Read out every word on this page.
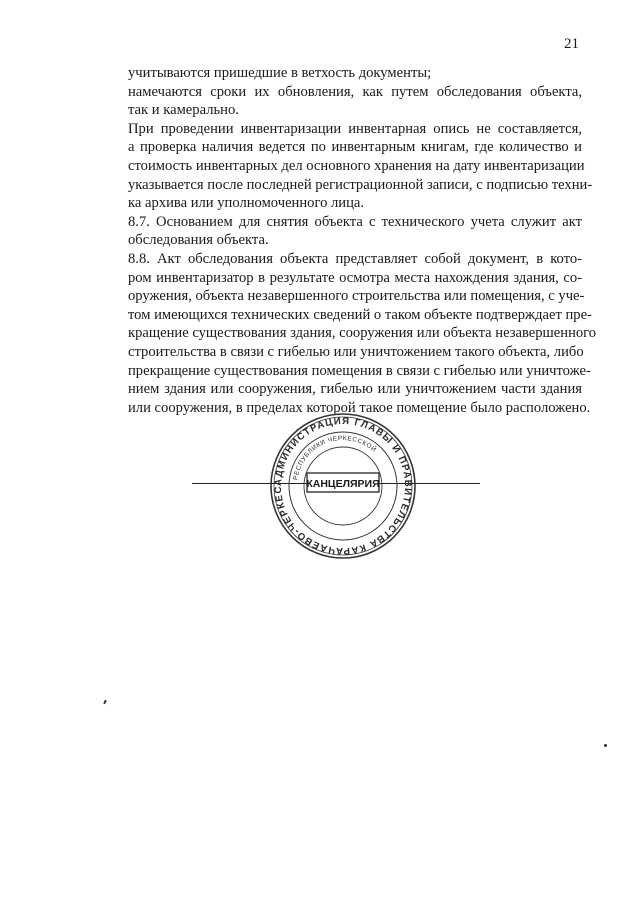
21

учитываются пришедшие в ветхость документы;

намечаются сроки их обновления, как путем обследования объекта,
так и камерально.

При проведении инвентаризации инвентарная опись не составляется,
а проверка наличия ведется по инвентарным книгам, где количество и
стоимость инвентарных дел основного хранения на дату инвентаризации
указывается после последней регистрационной записи, с подписью техни-
ка архива или уполномоченного лица.

8.7. Основанием для снятия объекта с технического учета служит акт
обследования объекта.

8.8. Акт обследования объекта представляет собой документ, в кото-
ром инвентаризатор в результате осмотра места нахождения здания, со-
оружения, объекта незавершенного строительства или помещения, с уче-
том имеющихся технических сведений о таком объекте подтверждает пре-
кращение существования здания, сооружения или объекта незавершенного
строительства в связи с гибелью или уничтожением такого объекта, либо
прекращение существования помещения в связи с гибелью или уничтоже-
нием здания или сооружения, гибелью или уничтожением части здания
или сооружения, в пределах которой такое помещение было расположено.

АДМИНИСТРАЦИЯ ГЛАВЫ И ПРАВИТЕЛЬСТВА КАРАЧАЕВО-ЧЕРКЕС
РЕСПУБЛИКИ ЧЕРКЕССКОЙ
КАНЦЕЛЯРИЯ
